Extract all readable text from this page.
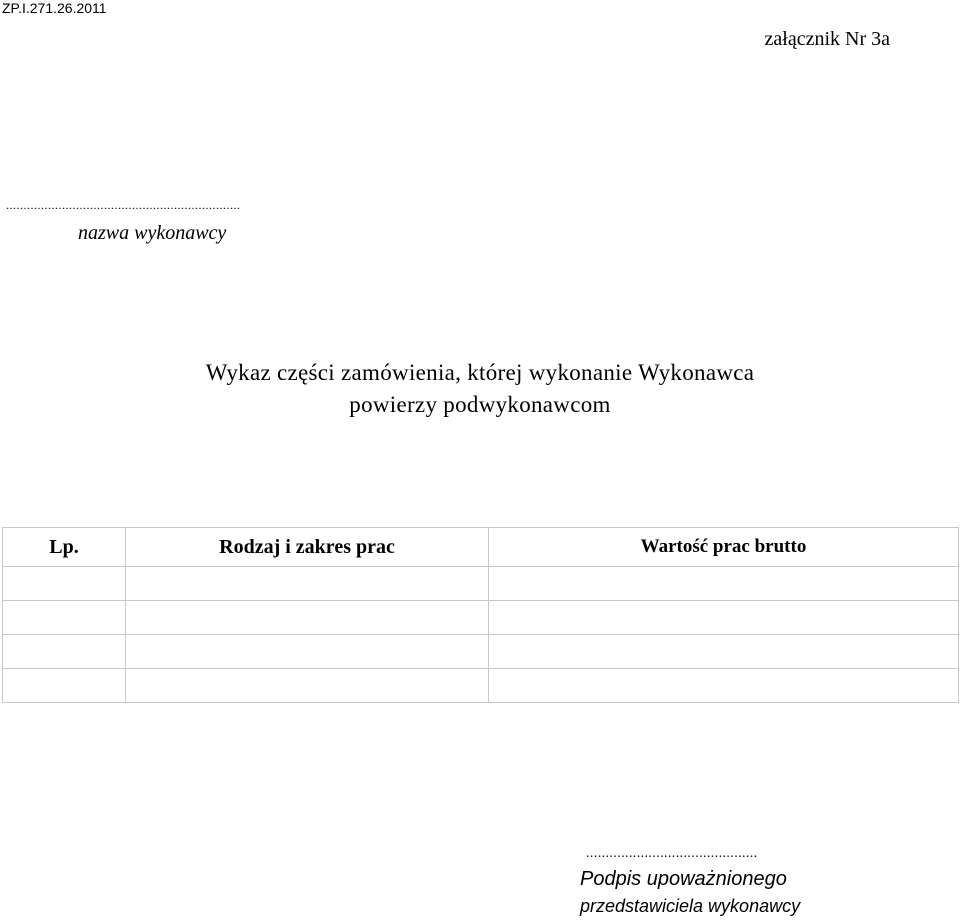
ZP.I.271.26.2011
załącznik Nr 3a
...................................................................
nazwa wykonawcy
Wykaz części zamówienia, której wykonanie Wykonawca
powierzy podwykonawcom
Lp.	Rodzaj i zakres prac	Wartość prac brutto

............................................
Podpis upoważnionego
przedstawiciela wykonawcy
